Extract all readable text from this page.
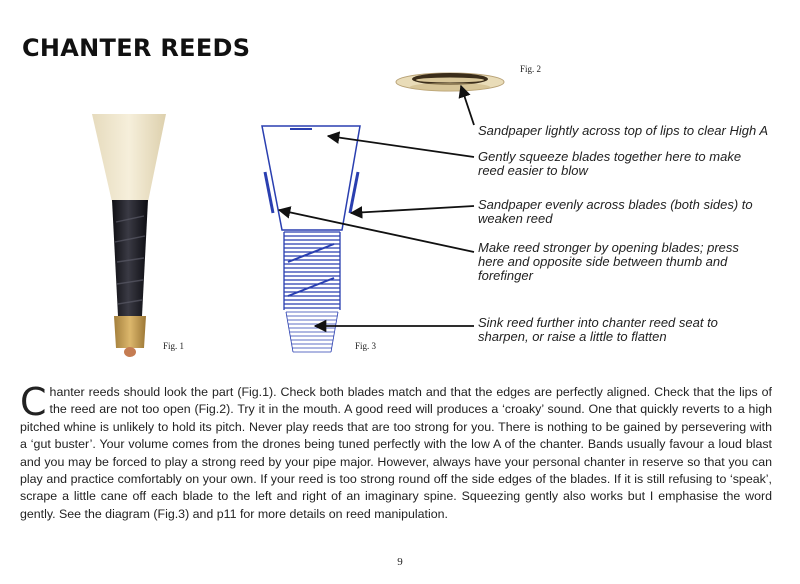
CHANTER REEDS
Fig. 1
Fig. 2
Fig. 3
Sandpaper lightly across top of lips to clear High A
Gently squeeze blades together here to make reed easier to blow
Sandpaper evenly across blades (both sides) to weaken reed
Make reed stronger by opening blades; press here and opposite side between thumb and forefinger
Sink reed further into chanter reed seat to sharpen, or raise a little to flatten

Chanter reeds should look the part (Fig.1). Check both blades match and that the edges are perfectly aligned. Check that the lips of the reed are not too open (Fig.2). Try it in the mouth. A good reed will produces a ‘croaky’ sound. One that quickly reverts to a high pitched whine is unlikely to hold its pitch. Never play reeds that are too strong for you. There is nothing to be gained by persevering with a ‘gut buster’. Your volume comes from the drones being tuned perfectly with the low A of the chanter. Bands usually favour a loud blast and you may be forced to play a strong reed by your pipe major. However, always have your personal chanter in reserve so that you can play and practice comfortably on your own. If your reed is too strong round off the side edges of the blades. If it is still refusing to ‘speak’, scrape a little cane off each blade to the left and right of an imaginary spine. Squeezing gently also works but I emphasise the word gently. See the diagram (Fig.3) and p11 for more details on reed manipulation.

9
